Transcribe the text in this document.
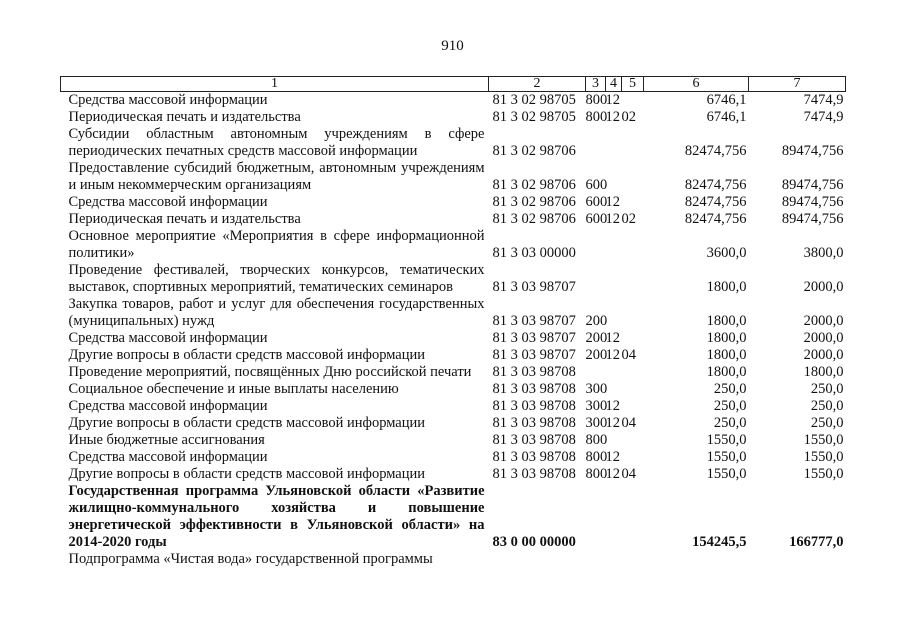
910
1	2	3	4	5	6	7
Средства массовой информации	81 3 02 98705	800	12		6746,1	7474,9
Периодическая печать и издательства	81 3 02 98705	800	12	02	6746,1	7474,9
Субсидии областным автономным учреждениям в сфере периодических печатных средств массовой информации	81 3 02 98706				82474,756	89474,756
Предоставление субсидий бюджетным, автономным учреждениям и иным некоммерческим организациям	81 3 02 98706	600			82474,756	89474,756
Средства массовой информации	81 3 02 98706	600	12		82474,756	89474,756
Периодическая печать и издательства	81 3 02 98706	600	12	02	82474,756	89474,756
Основное мероприятие «Мероприятия в сфере информационной политики»	81 3 03 00000				3600,0	3800,0
Проведение фестивалей, творческих конкурсов, тематических выставок, спортивных мероприятий, тематических семинаров	81 3 03 98707				1800,0	2000,0
Закупка товаров, работ и услуг для обеспечения государственных (муниципальных) нужд	81 3 03 98707	200			1800,0	2000,0
Средства массовой информации	81 3 03 98707	200	12		1800,0	2000,0
Другие вопросы в области средств массовой информации	81 3 03 98707	200	12	04	1800,0	2000,0
Проведение мероприятий, посвящённых Дню российской печати	81 3 03 98708				1800,0	1800,0
Социальное обеспечение и иные выплаты населению	81 3 03 98708	300			250,0	250,0
Средства массовой информации	81 3 03 98708	300	12		250,0	250,0
Другие вопросы в области средств массовой информации	81 3 03 98708	300	12	04	250,0	250,0
Иные бюджетные ассигнования	81 3 03 98708	800			1550,0	1550,0
Средства массовой информации	81 3 03 98708	800	12		1550,0	1550,0
Другие вопросы в области средств массовой информации	81 3 03 98708	800	12	04	1550,0	1550,0
Государственная программа Ульяновской области «Развитие жилищно-коммунального хозяйства и повышение энергетической эффективности в Ульяновской области» на 2014-2020 годы	83 0 00 00000				154245,5	166777,0
Подпрограмма «Чистая вода» государственной программы						
